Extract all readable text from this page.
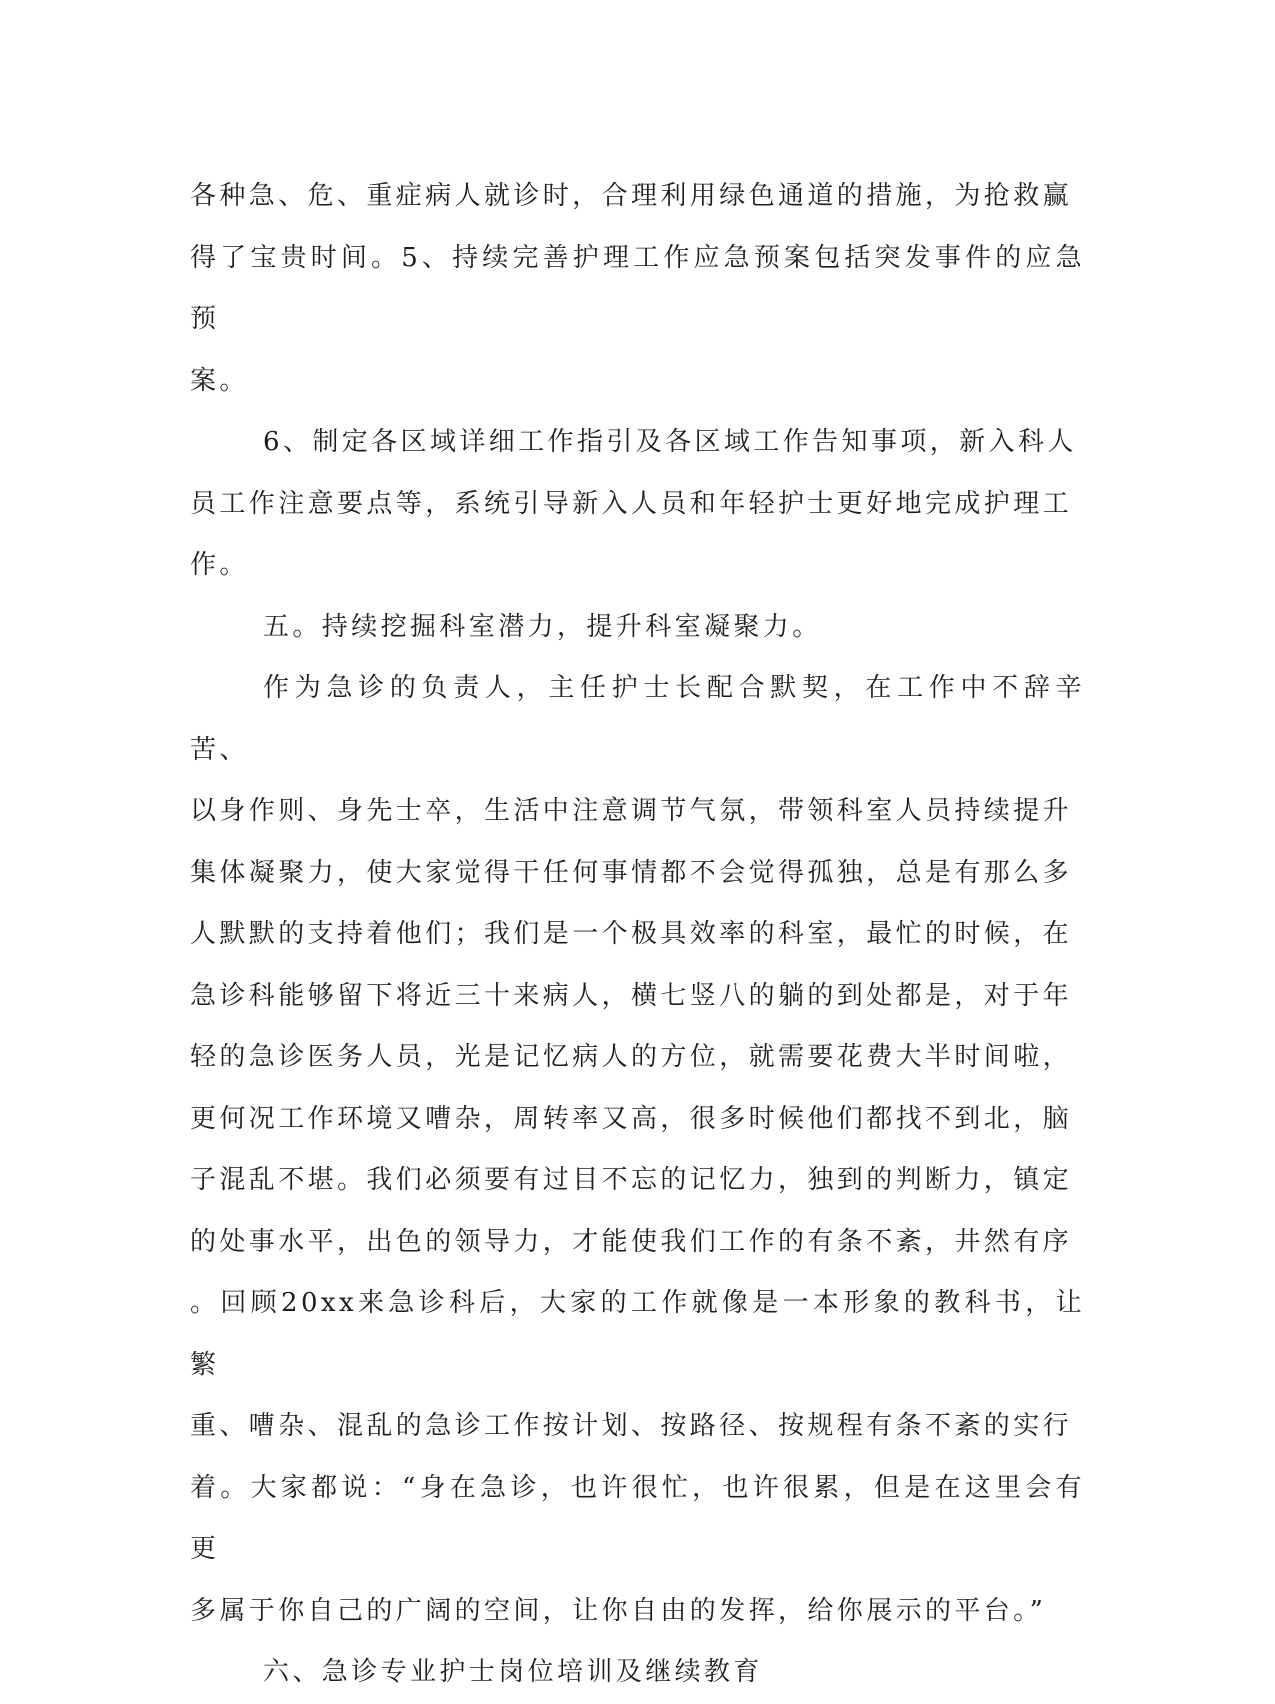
各种急、危、重症病人就诊时，合理利用绿色通道的措施，为抢救赢
得了宝贵时间。5、持续完善护理工作应急预案包括突发事件的应急预
案。

6、制定各区域详细工作指引及各区域工作告知事项，新入科人
员工作注意要点等，系统引导新入人员和年轻护士更好地完成护理工
作。

五。持续挖掘科室潜力，提升科室凝聚力。

作为急诊的负责人，主任护士长配合默契，在工作中不辞辛苦、
以身作则、身先士卒，生活中注意调节气氛，带领科室人员持续提升
集体凝聚力，使大家觉得干任何事情都不会觉得孤独，总是有那么多
人默默的支持着他们；我们是一个极具效率的科室，最忙的时候，在
急诊科能够留下将近三十来病人，横七竖八的躺的到处都是，对于年
轻的急诊医务人员，光是记忆病人的方位，就需要花费大半时间啦，
更何况工作环境又嘈杂，周转率又高，很多时候他们都找不到北，脑
子混乱不堪。我们必须要有过目不忘的记忆力，独到的判断力，镇定
的处事水平，出色的领导力，才能使我们工作的有条不紊，井然有序
。回顾20xx来急诊科后，大家的工作就像是一本形象的教科书，让繁
重、嘈杂、混乱的急诊工作按计划、按路径、按规程有条不紊的实行
着。大家都说：“身在急诊，也许很忙，也许很累，但是在这里会有更
多属于你自己的广阔的空间，让你自由的发挥，给你展示的平台。”

六、急诊专业护士岗位培训及继续教育
